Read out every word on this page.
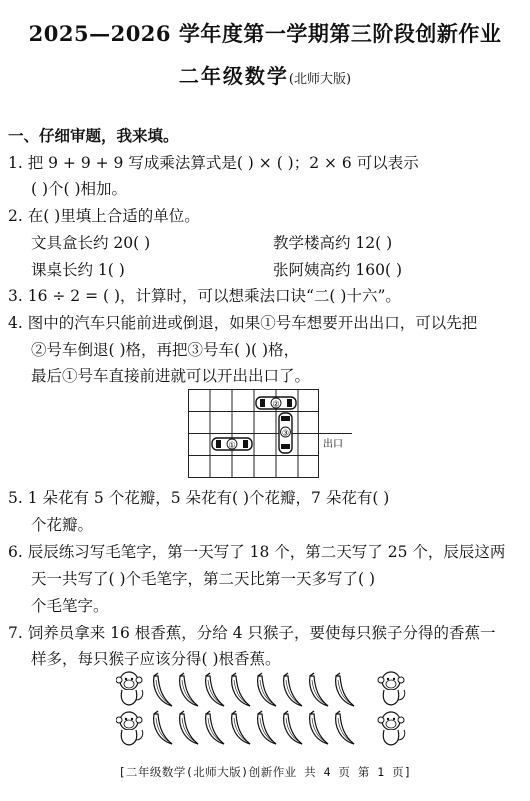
2025—2026 学年度第一学期第三阶段创新作业
二年级数学(北师大版)
一、仔细审题，我来填。
1. 把 9 + 9 + 9 写成乘法算式是( ) × ( )；2 × 6 可以表示
( )个( )相加。
2. 在( )里填上合适的单位。
文具盒长约 20( )	教学楼高约 12( )
课桌长约 1( )	张阿姨高约 160( )
3. 16 ÷ 2 = ( )，计算时，可以想乘法口诀“二( )十六”。
4. 图中的汽车只能前进或倒退，如果①号车想要开出出口，可以先把
②号车倒退( )格，再把③号车( )( )格，
最后①号车直接前进就可以开出出口了。
②
③
①	出口
5. 1 朵花有 5 个花瓣，5 朵花有( )个花瓣，7 朵花有( )
个花瓣。
6. 辰辰练习写毛笔字，第一天写了 18 个，第二天写了 25 个，辰辰这两
天一共写了( )个毛笔字，第二天比第一天多写了( )
个毛笔字。
7. 饲养员拿来 16 根香蕉，分给 4 只猴子，要使每只猴子分得的香蕉一
样多，每只猴子应该分得( )根香蕉。
[二年级数学(北师大版)创新作业 共 4 页 第 1 页]
